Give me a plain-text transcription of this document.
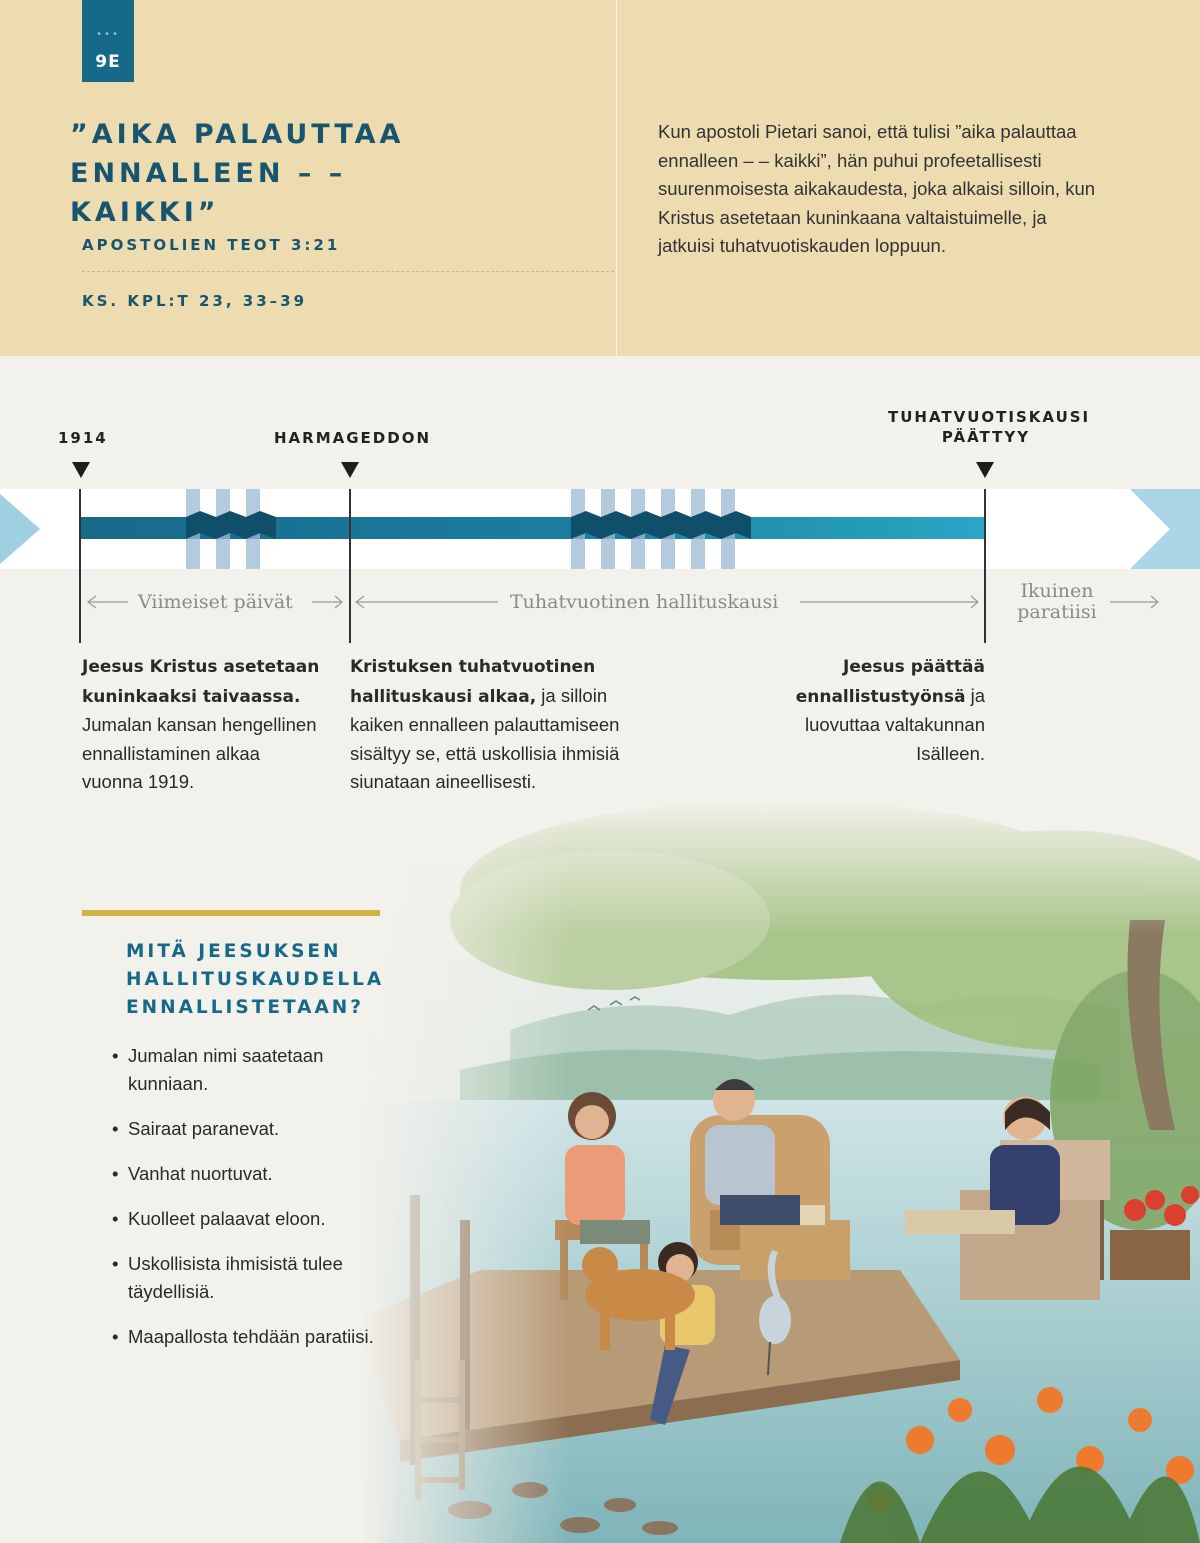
•••
9E
”AIKA PALAUTTAA ENNALLEEN – – KAIKKI”
APOSTOLIEN TEOT 3:21
KS. KPL:T 23, 33–39
Kun apostoli Pietari sanoi, että tulisi ”aika palauttaa ennalleen – – kaikki”, hän puhui profeetallisesti suurenmoisesta aikakaudesta, joka alkaisi silloin, kun Kristus asetetaan kuninkaana valtaistuimelle, ja jatkuisi tuhatvuotiskauden loppuun.
1914	HARMAGEDDON
TUHATVUOTISKAUSI PÄÄTTYY
Viimeiset päivät	Tuhatvuotinen hallituskausi	Ikuinen paratiisi
Jeesus Kristus asetetaan kuninkaaksi taivaassa. Jumalan kansan hengellinen ennallistaminen alkaa vuonna 1919.
Kristuksen tuhatvuotinen hallituskausi alkaa, ja silloin kaiken ennalleen palauttamiseen sisältyy se, että uskollisia ihmisiä siunataan aineellisesti.
Jeesus päättää ennallistustyönsä ja luovuttaa valtakunnan Isälleen.
MITÄ JEESUKSEN HALLITUSKAUDELLA ENNALLISTETAAN?
• Jumalan nimi saatetaan kunniaan.
• Sairaat paranevat.
• Vanhat nuortuvat.
• Kuolleet palaavat eloon.
• Uskollisista ihmisistä tulee täydellisiä.
• Maapallosta tehdään paratiisi.
